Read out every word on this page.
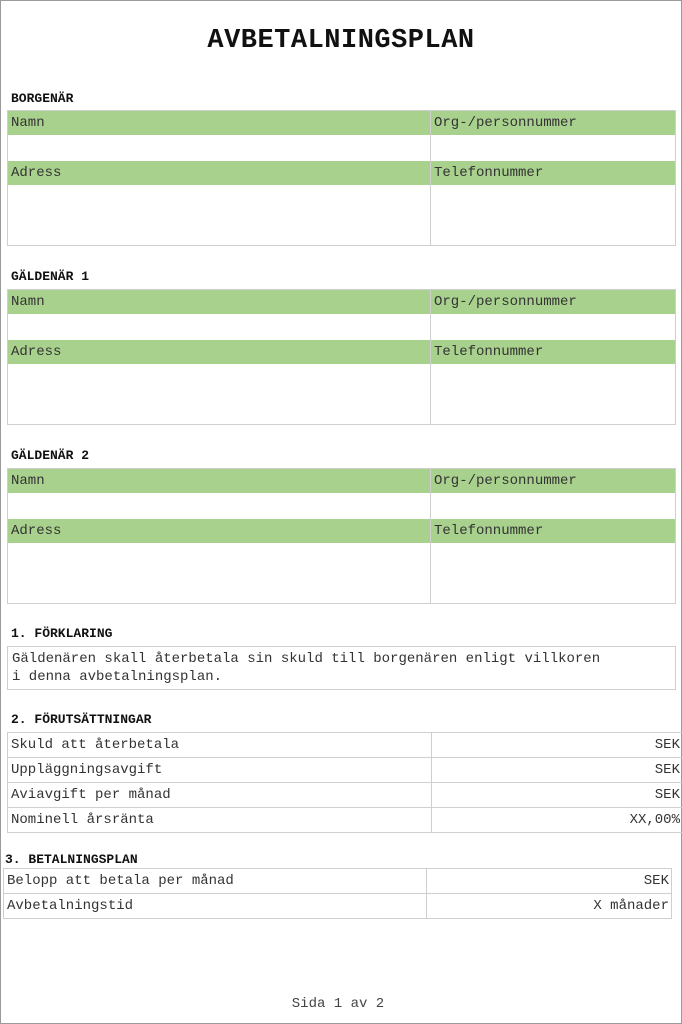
AVBETALNINGSPLAN
BORGENÄR
Namn	Org-/personnummer
Adress	Telefonnummer
GÄLDENÄR 1
Namn	Org-/personnummer
Adress	Telefonnummer
GÄLDENÄR 2
Namn	Org-/personnummer
Adress	Telefonnummer
1. FÖRKLARING
Gäldenären skall återbetala sin skuld till borgenären enligt villkoren
i denna avbetalningsplan.
2. FÖRUTSÄTTNINGAR
Skuld att återbetala	SEK
Uppläggningsavgift	SEK
Aviavgift per månad	SEK
Nominell årsränta	XX,00%
3. BETALNINGSPLAN
Belopp att betala per månad	SEK
Avbetalningstid	X månader
Sida 1 av 2
